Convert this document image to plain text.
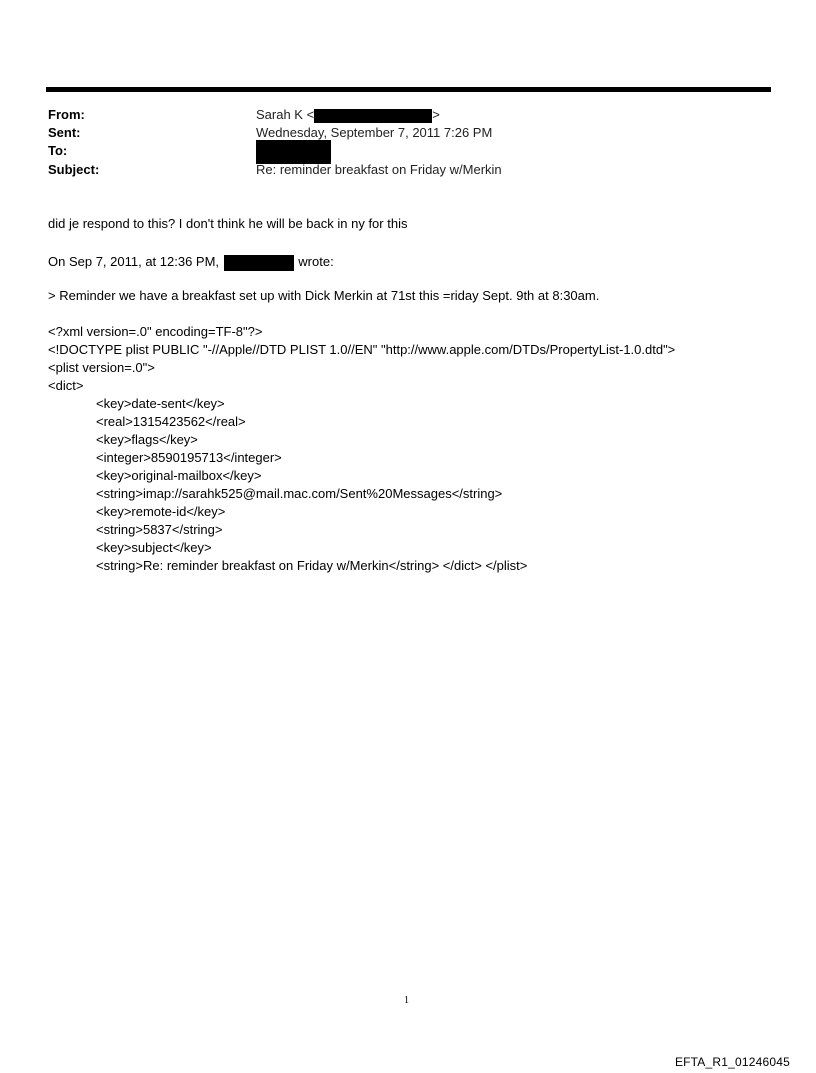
From:	Sarah K <	>
Sent:	Wednesday, September 7, 2011 7:26 PM
To:
Subject:	Re: reminder breakfast on Friday w/Merkin
did je respond to this? I don't think he will be back in ny for this
On Sep 7, 2011, at 12:36 PM,	wrote:
> Reminder we have a breakfast set up with Dick Merkin at 71st this =riday Sept. 9th at 8:30am.
<?xml version=.0" encoding=TF-8"?>
<!DOCTYPE plist PUBLIC "-//Apple//DTD PLIST 1.0//EN" "http://www.apple.com/DTDs/PropertyList-1.0.dtd">
<plist version=.0">
<dict>
<key>date-sent</key>
<real>1315423562</real>
<key>flags</key>
<integer>8590195713</integer>
<key>original-mailbox</key>
<string>imap://sarahk525@mail.mac.com/Sent%20Messages</string>
<key>remote-id</key>
<string>5837</string>
<key>subject</key>
<string>Re: reminder breakfast on Friday w/Merkin</string> </dict> </plist>
1
EFTA_R1_01246045
